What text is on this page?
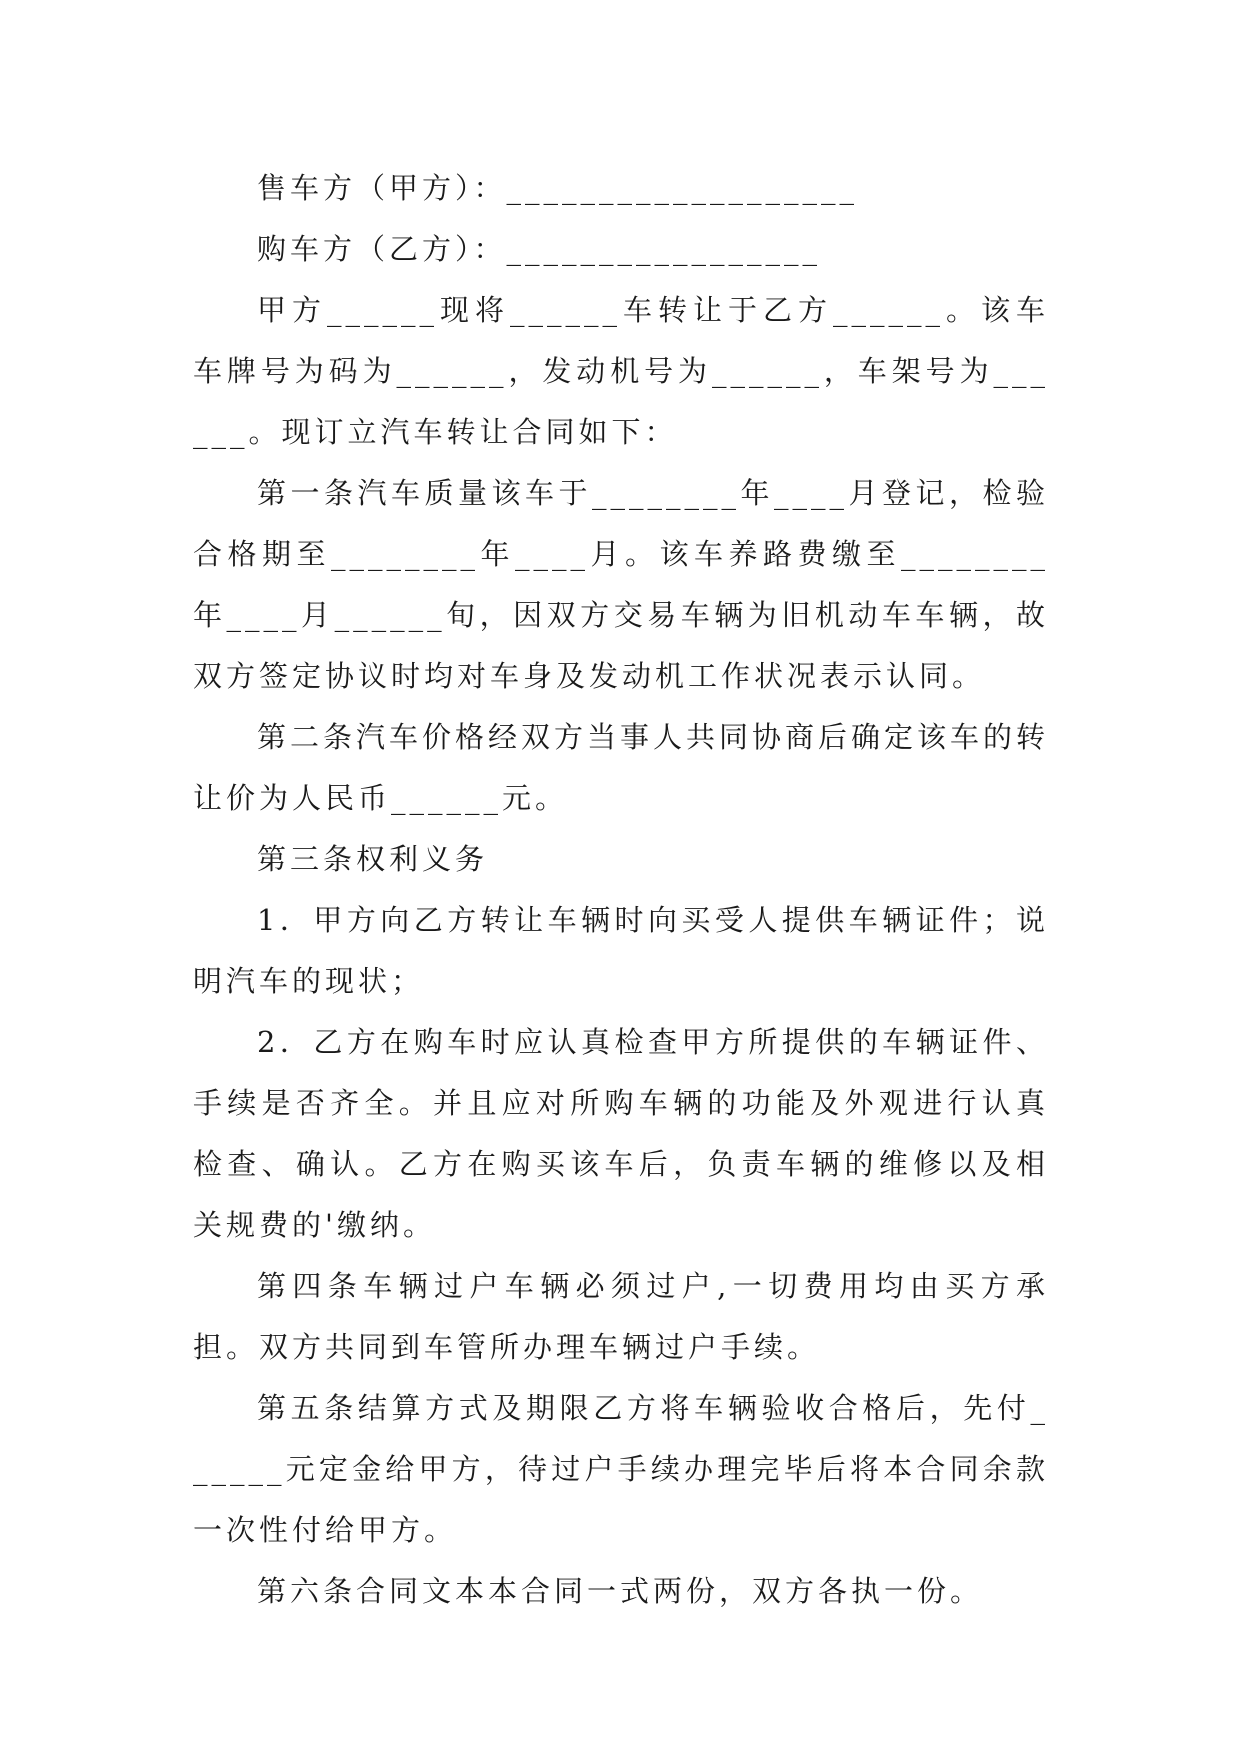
售车方（甲方）：___________________

购车方（乙方）：_________________

甲方______现将______车转让于乙方______。该车车牌号为码为______，发动机号为______，车架号为______。现订立汽车转让合同如下：

第一条汽车质量该车于________年____月登记，检验合格期至________年____月。该车养路费缴至________年____月______旬，因双方交易车辆为旧机动车车辆，故双方签定协议时均对车身及发动机工作状况表示认同。

第二条汽车价格经双方当事人共同协商后确定该车的转让价为人民币______元。

第三条权利义务

1．甲方向乙方转让车辆时向买受人提供车辆证件；说明汽车的现状；

2．乙方在购车时应认真检查甲方所提供的车辆证件、手续是否齐全。并且应对所购车辆的功能及外观进行认真检查、确认。乙方在购买该车后，负责车辆的维修以及相关规费的'缴纳。

第四条车辆过户车辆必须过户,一切费用均由买方承担。双方共同到车管所办理车辆过户手续。

第五条结算方式及期限乙方将车辆验收合格后，先付______元定金给甲方，待过户手续办理完毕后将本合同余款一次性付给甲方。

第六条合同文本本合同一式两份，双方各执一份。
